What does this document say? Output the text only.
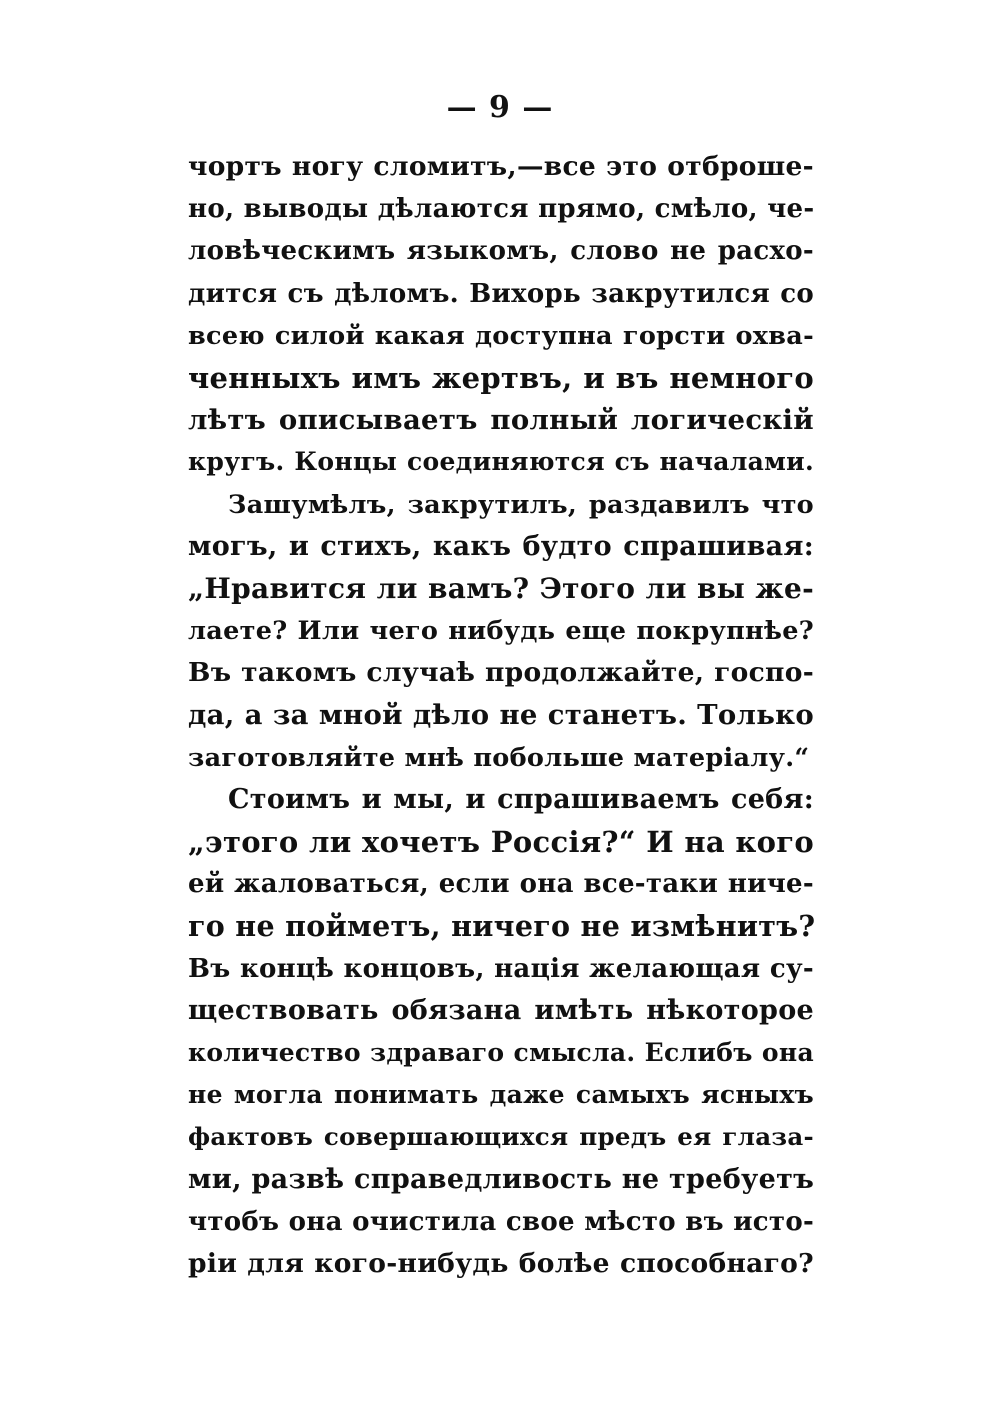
— 9 —
чортъ ногу сломитъ,—все это отброше-
но, выводы дѣлаются прямо, смѣло, че-
ловѣческимъ языкомъ, слово не расхо-
дится съ дѣломъ. Вихорь закрутился со
всею силой какая доступна горсти охва-
ченныхъ имъ жертвъ, и въ немного
лѣтъ описываетъ полный логическій
кругъ. Концы соединяются съ началами.
Зашумѣлъ, закрутилъ, раздавилъ что
могъ, и стихъ, какъ будто спрашивая:
„Нравится ли вамъ? Этого ли вы же-
лаете? Или чего нибудь еще покрупнѣе?
Въ такомъ случаѣ продолжайте, госпо-
да, а за мной дѣло не станетъ. Только
заготовляйте мнѣ побольше матеріалу.“
Стоимъ и мы, и спрашиваемъ себя:
„этого ли хочетъ Россія?“ И на кого
ей жаловаться, если она все-таки ниче-
го не пойметъ, ничего не измѣнитъ?
Въ концѣ концовъ, нація желающая су-
ществовать обязана имѣть нѣкоторое
количество здраваго смысла. Еслибъ она
не могла понимать даже самыхъ ясныхъ
фактовъ совершающихся предъ ея глаза-
ми, развѣ справедливость не требуетъ
чтобъ она очистила свое мѣсто въ исто-
ріи для кого-нибудь болѣе способнаго?
